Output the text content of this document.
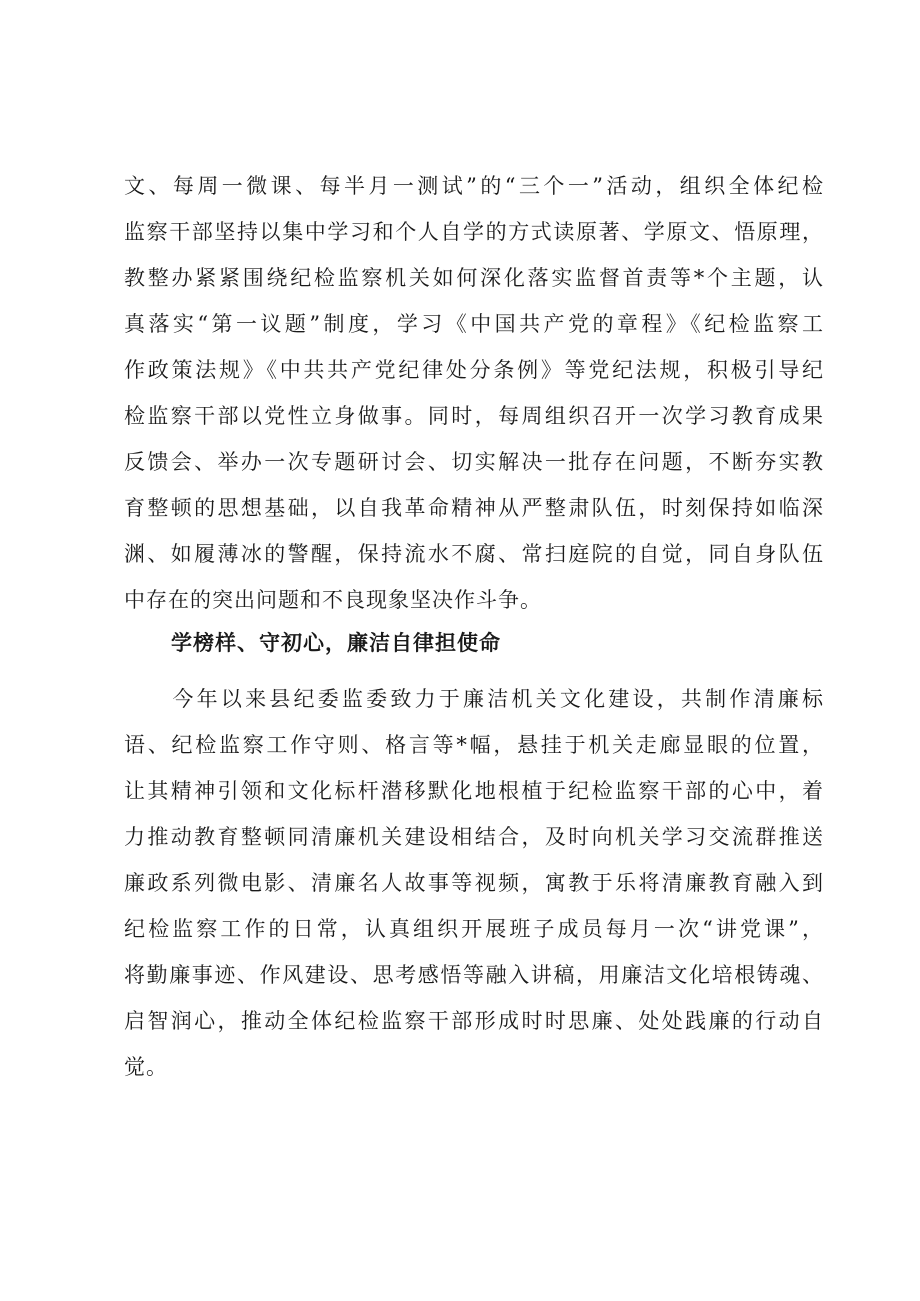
文、每周一微课、每半月一测试”的“三个一”活动，组织全体纪检
监察干部坚持以集中学习和个人自学的方式读原著、学原文、悟原理，
教整办紧紧围绕纪检监察机关如何深化落实监督首责等*个主题，认
真落实“第一议题”制度，学习《中国共产党的章程》《纪检监察工
作政策法规》《中共共产党纪律处分条例》等党纪法规，积极引导纪
检监察干部以党性立身做事。同时，每周组织召开一次学习教育成果
反馈会、举办一次专题研讨会、切实解决一批存在问题，不断夯实教
育整顿的思想基础，以自我革命精神从严整肃队伍，时刻保持如临深
渊、如履薄冰的警醒，保持流水不腐、常扫庭院的自觉，同自身队伍
中存在的突出问题和不良现象坚决作斗争。
学榜样、守初心，廉洁自律担使命
　　今年以来县纪委监委致力于廉洁机关文化建设，共制作清廉标
语、纪检监察工作守则、格言等*幅，悬挂于机关走廊显眼的位置，
让其精神引领和文化标杆潜移默化地根植于纪检监察干部的心中，着
力推动教育整顿同清廉机关建设相结合，及时向机关学习交流群推送
廉政系列微电影、清廉名人故事等视频，寓教于乐将清廉教育融入到
纪检监察工作的日常，认真组织开展班子成员每月一次“讲党课”，
将勤廉事迹、作风建设、思考感悟等融入讲稿，用廉洁文化培根铸魂、
启智润心，推动全体纪检监察干部形成时时思廉、处处践廉的行动自
觉。
